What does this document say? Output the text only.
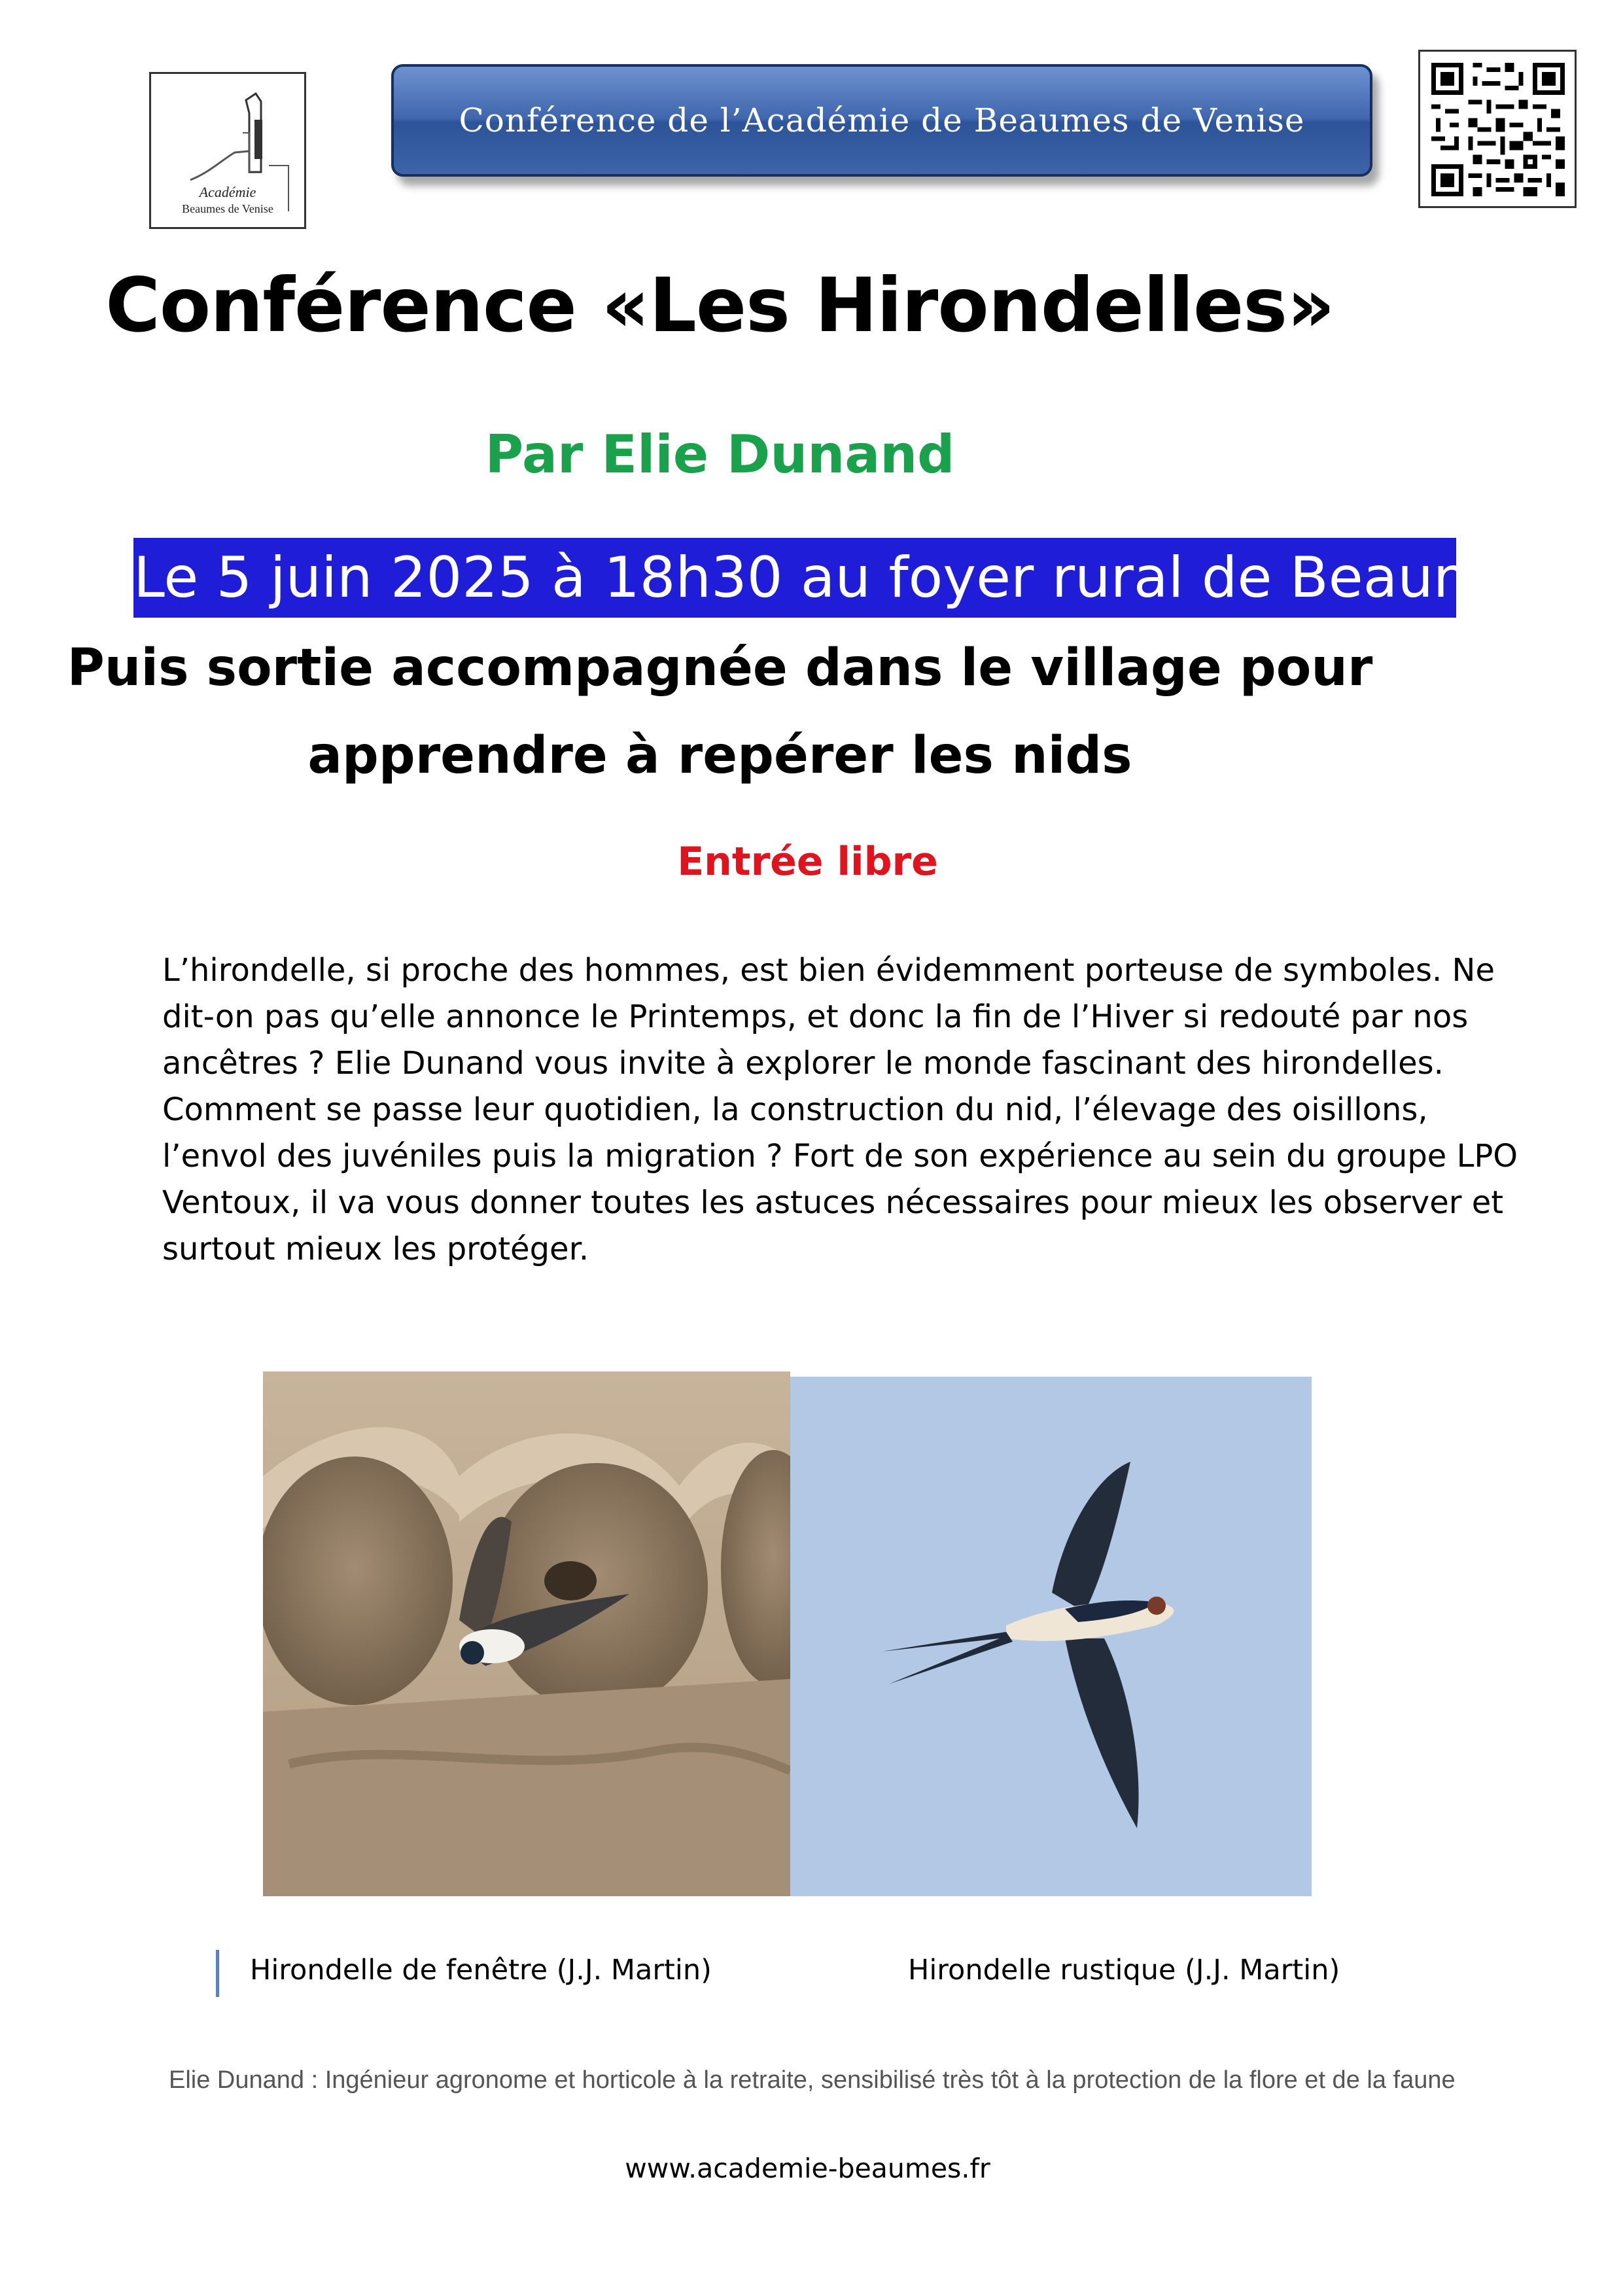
Académie
Beaumes de Venise
Conférence de l’Académie de Beaumes de Venise
Conférence «Les Hirondelles»
Par Elie Dunand
Le 5 juin 2025 à 18h30 au foyer rural de Beaumes
Puis sortie accompagnée dans le village pour
apprendre à repérer les nids
Entrée libre
L’hirondelle, si proche des hommes, est bien évidemment porteuse de symboles. Ne dit-on pas qu’elle annonce le Printemps, et donc la fin de l’Hiver si redouté par nos ancêtres ? Elie Dunand vous invite à explorer le monde fascinant des hirondelles. Comment se passe leur quotidien, la construction du nid, l’élevage des oisillons, l’envol des juvéniles puis la migration ? Fort de son expérience au sein du groupe LPO Ventoux, il va vous donner toutes les astuces nécessaires pour mieux les observer et surtout mieux les protéger.
Hirondelle de fenêtre (J.J. Martin)	Hirondelle rustique (J.J. Martin)
Elie Dunand : Ingénieur agronome et horticole à la retraite, sensibilisé très tôt à la protection de la flore et de la faune
www.academie-beaumes.fr
